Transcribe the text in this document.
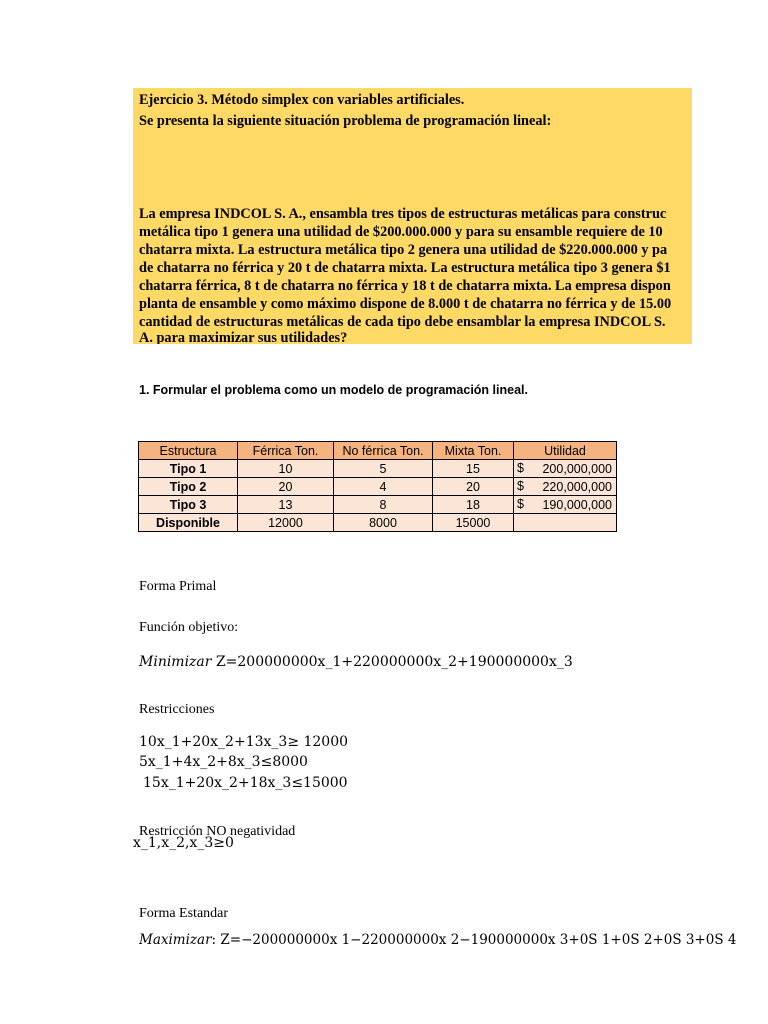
Ejercicio 3. Método simplex con variables artificiales.
Se presenta la siguiente situación problema de programación lineal:
La empresa INDCOL S. A., ensambla tres tipos de estructuras metálicas para construc
metálica tipo 1 genera una utilidad de $200.000.000 y para su ensamble requiere de 10
chatarra mixta. La estructura metálica tipo 2 genera una utilidad de $220.000.000 y pa
de chatarra no férrica y 20 t de chatarra mixta. La estructura metálica tipo 3 genera $1
chatarra férrica, 8 t de chatarra no férrica y 18 t de chatarra mixta. La empresa dispon
planta de ensamble y como máximo dispone de 8.000 t de chatarra no férrica y de 15.00
cantidad de estructuras metálicas de cada tipo debe ensamblar la empresa INDCOL S.
A. para maximizar sus utilidades?
1. Formular el problema como un modelo de programación lineal.
Estructura	Férrica Ton.	No férrica Ton.	Mixta Ton.	Utilidad
Tipo 1	10	5	15	$ 200,000,000
Tipo 2	20	4	20	$ 220,000,000
Tipo 3	13	8	18	$ 190,000,000
Disponible	12000	8000	15000	
Forma Primal
Función objetivo:
Minimizar Z=200000000x_1+220000000x_2+190000000x_3
Restricciones
10x_1+20x_2+13x_3≥ 12000
5x_1+4x_2+8x_3≤8000
15x_1+20x_2+18x_3≤15000
Restricción NO negatividad
x_1,x_2,x_3≥0
Forma Estandar
Maximizar: Z=−200000000x 1−220000000x 2−190000000x 3+0S 1+0S 2+0S 3+0S 4
